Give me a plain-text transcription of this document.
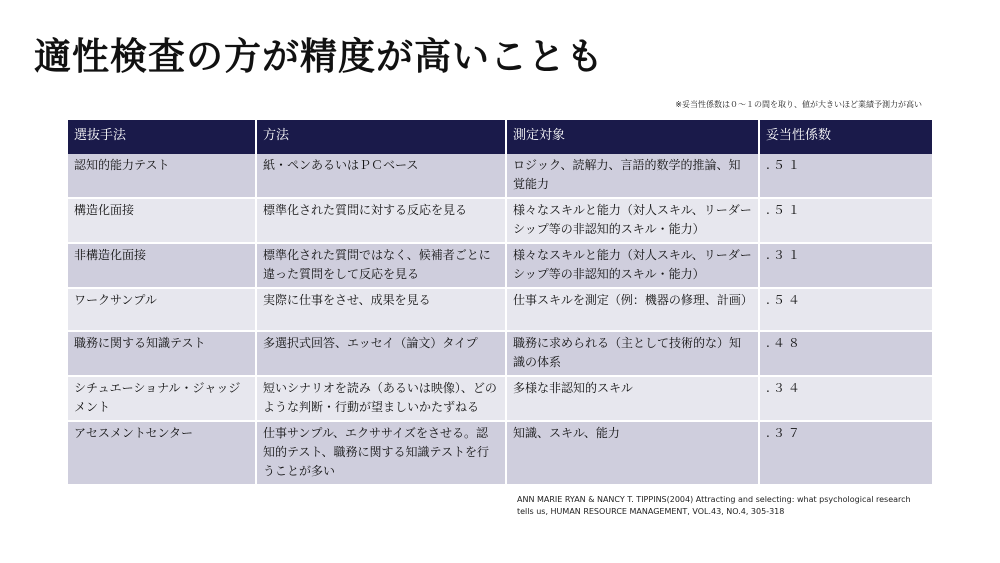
適性検査の方が精度が高いことも
※妥当性係数は０〜１の間を取り、値が大きいほど業績予測力が高い
選抜手法	方法	測定対象	妥当性係数
認知的能力テスト	紙・ペンあるいはＰＣベース	ロジック、読解力、言語的数学的推論、知覚能力	.５１
構造化面接	標準化された質問に対する反応を見る	様々なスキルと能力（対人スキル、リーダーシップ等の非認知的スキル・能力）	.５１
非構造化面接	標準化された質問ではなく、候補者ごとに違った質問をして反応を見る	様々なスキルと能力（対人スキル、リーダーシップ等の非認知的スキル・能力）	.３１
ワークサンプル	実際に仕事をさせ、成果を見る	仕事スキルを測定（例：機器の修理、計画）	.５４
職務に関する知識テスト	多選択式回答、エッセイ（論文）タイプ	職務に求められる（主として技術的な）知識の体系	.４８
シチュエーショナル・ジャッジメント	短いシナリオを読み（あるいは映像）、どのような判断・行動が望ましいかたずねる	多様な非認知的スキル	.３４
アセスメントセンター	仕事サンプル、エクササイズをさせる。認知的テスト、職務に関する知識テストを行うことが多い	知識、スキル、能力	.３７
ANN MARIE RYAN & NANCY T. TIPPINS(2004) Attracting and selecting: what psychological research tells us, HUMAN RESOURCE MANAGEMENT, VOL.43, NO.4, 305-318
